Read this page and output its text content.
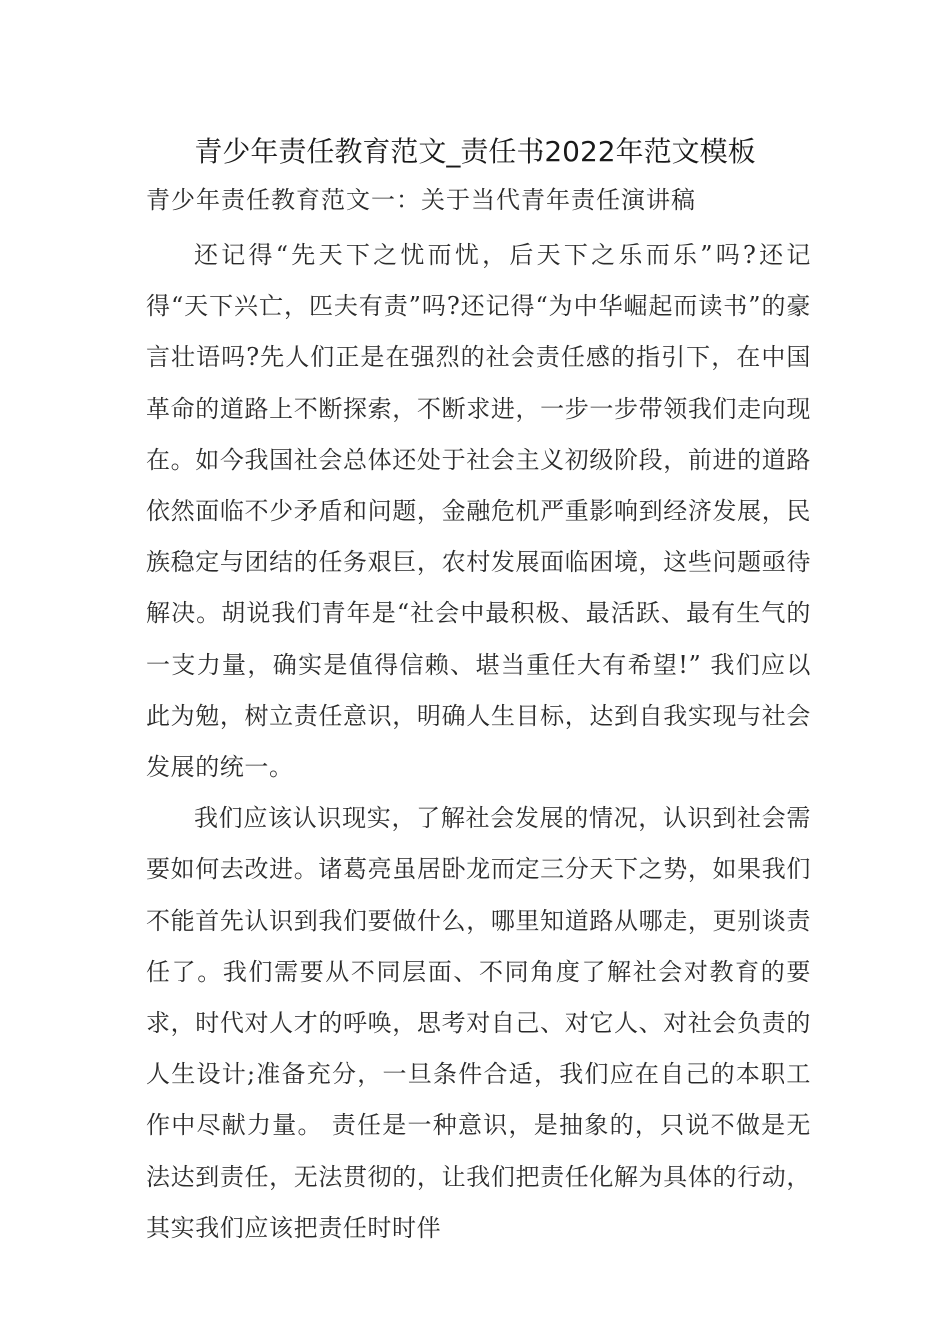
青少年责任教育范文_责任书2022年范文模板
青少年责任教育范文一：关于当代青年责任演讲稿

还记得“先天下之忧而忧，后天下之乐而乐”吗?还记得“天下兴亡，匹夫有责”吗?还记得“为中华崛起而读书”的豪言壮语吗?先人们正是在强烈的社会责任感的指引下，在中国革命的道路上不断探索，不断求进，一步一步带领我们走向现在。如今我国社会总体还处于社会主义初级阶段，前进的道路依然面临不少矛盾和问题，金融危机严重影响到经济发展，民族稳定与团结的任务艰巨，农村发展面临困境，这些问题亟待解决。胡说我们青年是“社会中最积极、最活跃、最有生气的一支力量，确实是值得信赖、堪当重任大有希望!” 我们应以此为勉，树立责任意识，明确人生目标，达到自我实现与社会发展的统一。

我们应该认识现实，了解社会发展的情况，认识到社会需要如何去改进。诸葛亮虽居卧龙而定三分天下之势，如果我们不能首先认识到我们要做什么，哪里知道路从哪走，更别谈责任了。我们需要从不同层面、不同角度了解社会对教育的要求，时代对人才的呼唤，思考对自己、对它人、对社会负责的人生设计;准备充分，一旦条件合适，我们应在自己的本职工作中尽献力量。 责任是一种意识，是抽象的，只说不做是无法达到责任，无法贯彻的，让我们把责任化解为具体的行动，其实我们应该把责任时时伴
